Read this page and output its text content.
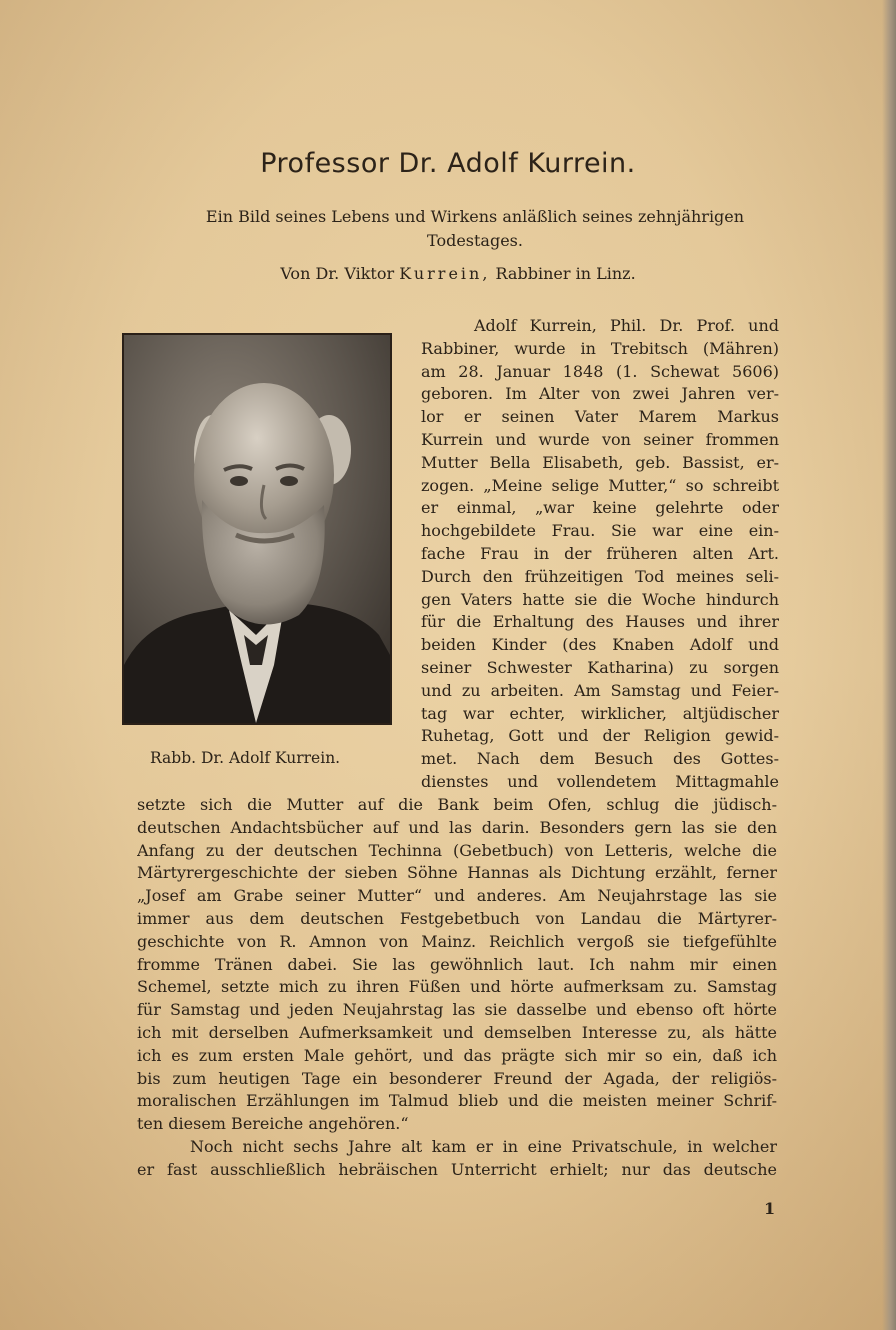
Professor Dr. Adolf Kurrein.

Ein Bild seines Lebens und Wirkens anläßlich seines zehnjährigen
Todestages.

Von Dr. Viktor Kurrein, Rabbiner in Linz.

Rabb. Dr. Adolf Kurrein.

Adolf Kurrein, Phil. Dr. Prof. und
Rabbiner, wurde in Trebitsch (Mähren)
am 28. Januar 1848 (1. Schewat 5606)
geboren. Im Alter von zwei Jahren ver-
lor er seinen Vater Marem Markus
Kurrein und wurde von seiner frommen
Mutter Bella Elisabeth, geb. Bassist, er-
zogen. „Meine selige Mutter,“ so schreibt
er einmal, „war keine gelehrte oder
hochgebildete Frau. Sie war eine ein-
fache Frau in der früheren alten Art.
Durch den frühzeitigen Tod meines seli-
gen Vaters hatte sie die Woche hindurch
für die Erhaltung des Hauses und ihrer
beiden Kinder (des Knaben Adolf und
seiner Schwester Katharina) zu sorgen
und zu arbeiten. Am Samstag und Feier-
tag war echter, wirklicher, altjüdischer
Ruhetag, Gott und der Religion gewid-
met. Nach dem Besuch des Gottes-
dienstes und vollendetem Mittagmahle

setzte sich die Mutter auf die Bank beim Ofen, schlug die jüdisch-
deutschen Andachtsbücher auf und las darin. Besonders gern las sie den
Anfang zu der deutschen Techinna (Gebetbuch) von Letteris, welche die
Märtyrergeschichte der sieben Söhne Hannas als Dichtung erzählt, ferner
„Josef am Grabe seiner Mutter“ und anderes. Am Neujahrstage las sie
immer aus dem deutschen Festgebetbuch von Landau die Märtyrer-
geschichte von R. Amnon von Mainz. Reichlich vergoß sie tiefgefühlte
fromme Tränen dabei. Sie las gewöhnlich laut. Ich nahm mir einen
Schemel, setzte mich zu ihren Füßen und hörte aufmerksam zu. Samstag
für Samstag und jeden Neujahrstag las sie dasselbe und ebenso oft hörte
ich mit derselben Aufmerksamkeit und demselben Interesse zu, als hätte
ich es zum ersten Male gehört, und das prägte sich mir so ein, daß ich
bis zum heutigen Tage ein besonderer Freund der Agada, der religiös-
moralischen Erzählungen im Talmud blieb und die meisten meiner Schrif-
ten diesem Bereiche angehören.“
Noch nicht sechs Jahre alt kam er in eine Privatschule, in welcher
er fast ausschließlich hebräischen Unterricht erhielt; nur das deutsche

1
